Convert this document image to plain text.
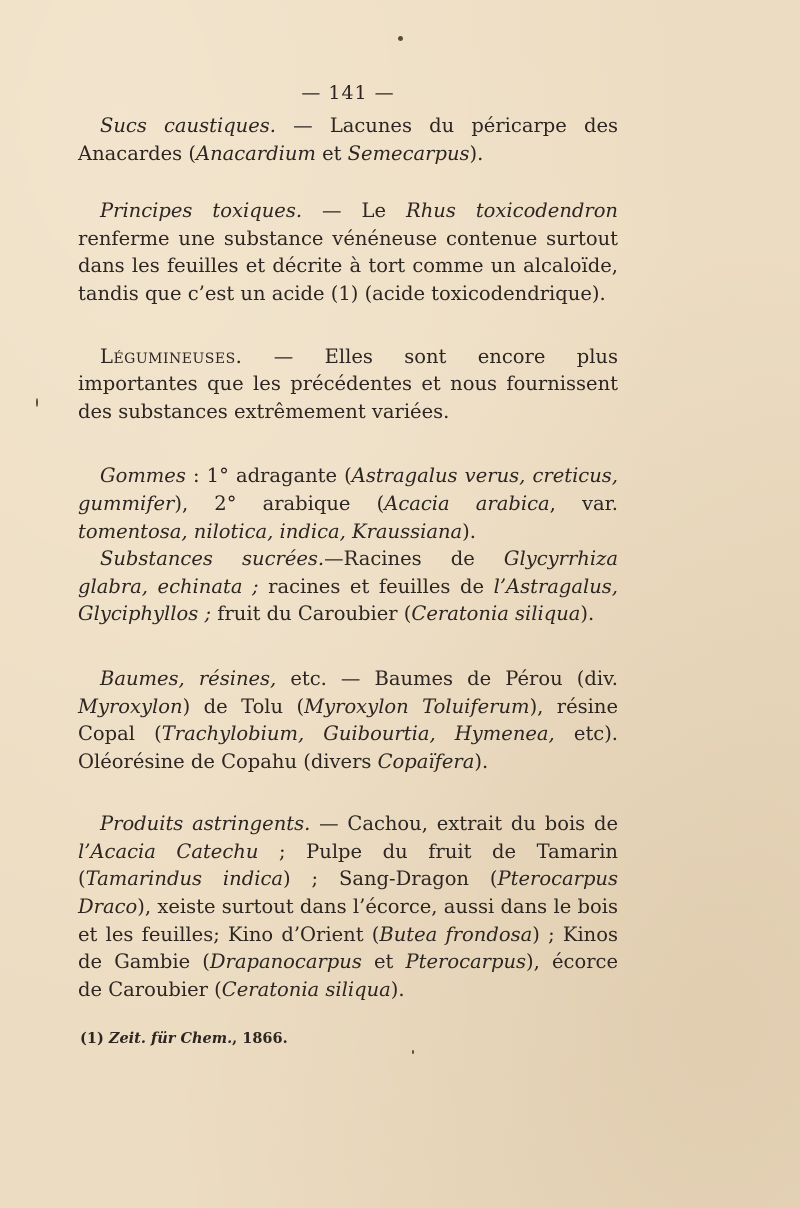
— 141 —

Sucs caustiques. — Lacunes du péricarpe des Anacardes (Anacardium et Semecarpus).

Principes toxiques. — Le Rhus toxicodendron renferme une substance vénéneuse contenue surtout dans les feuilles et décrite à tort comme un alcaloïde, tandis que c’est un acide (1) (acide toxicodendrique).

Légumineuses. — Elles sont encore plus importantes que les précédentes et nous fournissent des substances extrêmement variées.

Gommes : 1° adragante (Astragalus verus, creticus, gummifer), 2° arabique (Acacia arabica, var. tomentosa, nilotica, indica, Kraussiana).

Substances sucrées.—Racines de Glycyrrhiza glabra, echinata ; racines et feuilles de l’Astragalus, Glyciphyllos ; fruit du Caroubier (Ceratonia siliqua).

Baumes, résines, etc. — Baumes de Pérou (div. Myroxylon) de Tolu (Myroxylon Toluiferum), résine Copal (Trachylobium, Guibourtia, Hymenea, etc). Oléorésine de Copahu (divers Copaïfera).

Produits astringents. — Cachou, extrait du bois de l’Acacia Catechu ; Pulpe du fruit de Tamarin (Tamarindus indica) ; Sang-Dragon (Pterocarpus Draco), xeiste surtout dans l’écorce, aussi dans le bois et les feuilles; Kino d’Orient (Butea frondosa) ; Kinos de Gambie (Drapanocarpus et Pterocarpus), écorce de Caroubier (Ceratonia siliqua).

(1) Zeit. für Chem., 1866.
